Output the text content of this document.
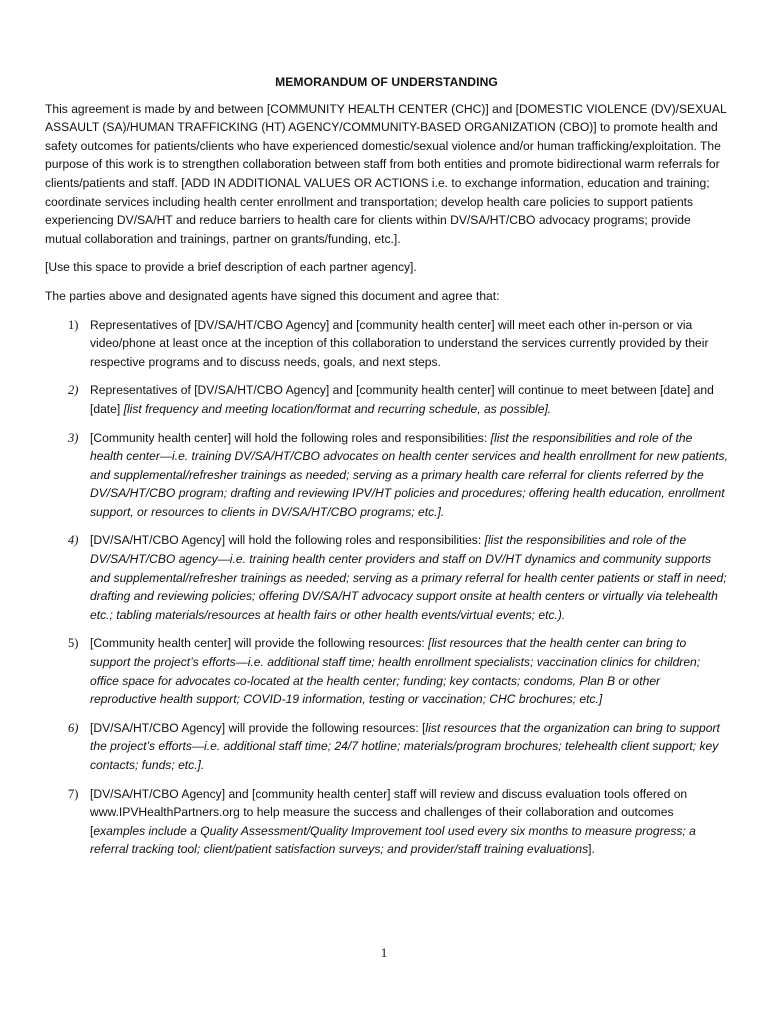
MEMORANDUM OF UNDERSTANDING

This agreement is made by and between [COMMUNITY HEALTH CENTER (CHC)] and [DOMESTIC VIOLENCE (DV)/SEXUAL ASSAULT (SA)/HUMAN TRAFFICKING (HT) AGENCY/COMMUNITY-BASED ORGANIZATION (CBO)] to promote health and safety outcomes for patients/clients who have experienced domestic/sexual violence and/or human trafficking/exploitation. The purpose of this work is to strengthen collaboration between staff from both entities and promote bidirectional warm referrals for clients/patients and staff. [ADD IN ADDITIONAL VALUES OR ACTIONS i.e. to exchange information, education and training; coordinate services including health center enrollment and transportation; develop health care policies to support patients experiencing DV/SA/HT and reduce barriers to health care for clients within DV/SA/HT/CBO advocacy programs; provide mutual collaboration and trainings, partner on grants/funding, etc.].

[Use this space to provide a brief description of each partner agency].

The parties above and designated agents have signed this document and agree that:

1) Representatives of [DV/SA/HT/CBO Agency] and [community health center] will meet each other in-person or via video/phone at least once at the inception of this collaboration to understand the services currently provided by their respective programs and to discuss needs, goals, and next steps.
2) Representatives of [DV/SA/HT/CBO Agency] and [community health center] will continue to meet between [date] and [date] [list frequency and meeting location/format and recurring schedule, as possible].
3) [Community health center] will hold the following roles and responsibilities: [list the responsibilities and role of the health center—i.e. training DV/SA/HT/CBO advocates on health center services and health enrollment for new patients, and supplemental/refresher trainings as needed; serving as a primary health care referral for clients referred by the DV/SA/HT/CBO program; drafting and reviewing IPV/HT policies and procedures; offering health education, enrollment support, or resources to clients in DV/SA/HT/CBO programs; etc.].
4) [DV/SA/HT/CBO Agency] will hold the following roles and responsibilities: [list the responsibilities and role of the DV/SA/HT/CBO agency—i.e. training health center providers and staff on DV/HT dynamics and community supports and supplemental/refresher trainings as needed; serving as a primary referral for health center patients or staff in need; drafting and reviewing policies; offering DV/SA/HT advocacy support onsite at health centers or virtually via telehealth etc.; tabling materials/resources at health fairs or other health events/virtual events; etc.).
5) [Community health center] will provide the following resources: [list resources that the health center can bring to support the project’s efforts—i.e. additional staff time; health enrollment specialists; vaccination clinics for children; office space for advocates co-located at the health center; funding; key contacts; condoms, Plan B or other reproductive health support; COVID-19 information, testing or vaccination; CHC brochures; etc.]
6) [DV/SA/HT/CBO Agency] will provide the following resources: [list resources that the organization can bring to support the project’s efforts—i.e. additional staff time; 24/7 hotline; materials/program brochures; telehealth client support; key contacts; funds; etc.].
7) [DV/SA/HT/CBO Agency] and [community health center] staff will review and discuss evaluation tools offered on www.IPVHealthPartners.org to help measure the success and challenges of their collaboration and outcomes [examples include a Quality Assessment/Quality Improvement tool used every six months to measure progress; a referral tracking tool; client/patient satisfaction surveys; and provider/staff training evaluations].
1
